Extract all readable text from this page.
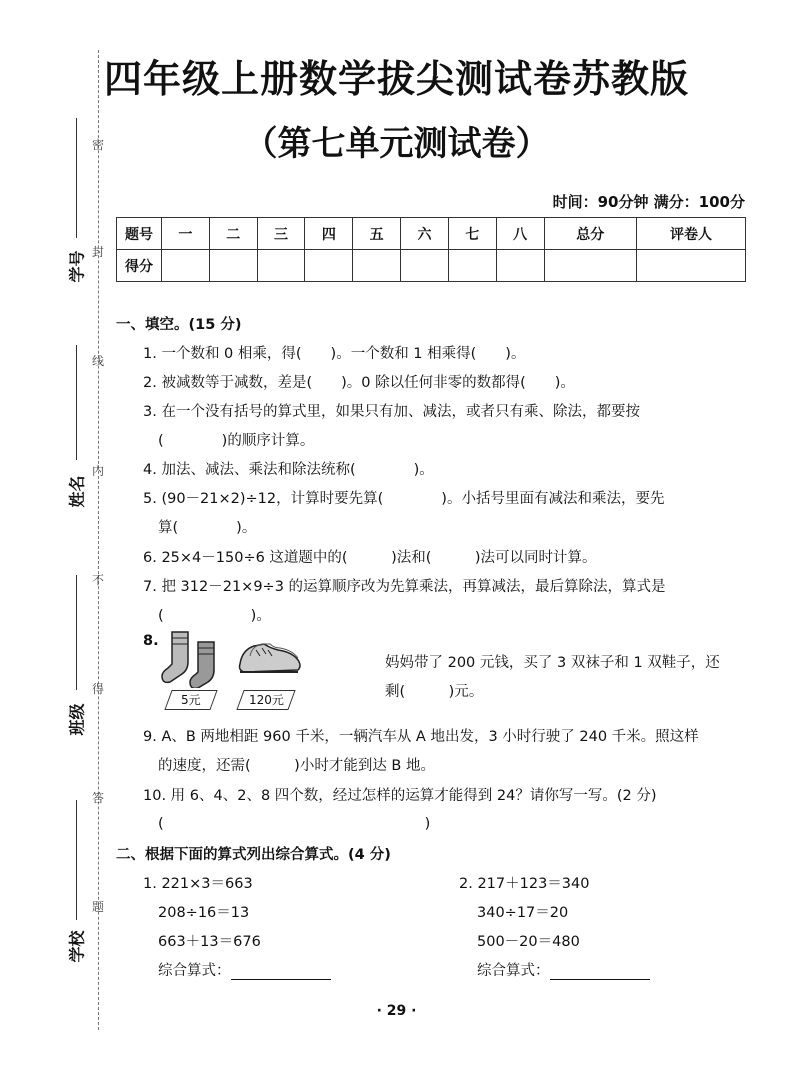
四年级上册数学拔尖测试卷苏教版
（第七单元测试卷）
时间：90分钟 满分：100分
密
封
线
内
不
得
答
题
学号
姓名
班级
学校
题号	一	二	三	四	五	六	七	八	总分	评卷人
得分										
一、填空。(15 分)
1. 一个数和 0 相乘，得(　　)。一个数和 1 相乘得(　　)。
2. 被减数等于减数，差是(　　)。0 除以任何非零的数都得(　　)。
3. 在一个没有括号的算式里，如果只有加、减法，或者只有乘、除法，都要按
(　　　　)的顺序计算。
4. 加法、减法、乘法和除法统称(　　　　)。
5. (90－21×2)÷12，计算时要先算(　　　　)。小括号里面有减法和乘法，要先
算(　　　　)。
6. 25×4－150÷6 这道题中的(　　　)法和(　　　)法可以同时计算。
7. 把 312－21×9÷3 的运算顺序改为先算乘法，再算减法，最后算除法，算式是
(　　　　　　)。
8.
5元	120元
妈妈带了 200 元钱，买了 3 双袜子和 1 双鞋子，还
剩(　　　)元。
9. A、B 两地相距 960 千米，一辆汽车从 A 地出发，3 小时行驶了 240 千米。照这样
的速度，还需(　　　)小时才能到达 B 地。
10. 用 6、4、2、8 四个数，经过怎样的运算才能得到 24？请你写一写。(2 分)
(　　　　　　　　　　　　　　　　　　)
二、根据下面的算式列出综合算式。(4 分)
1. 221×3＝663
208÷16＝13
663＋13＝676
综合算式：
2. 217＋123＝340
340÷17＝20
500－20＝480
综合算式：
· 29 ·
